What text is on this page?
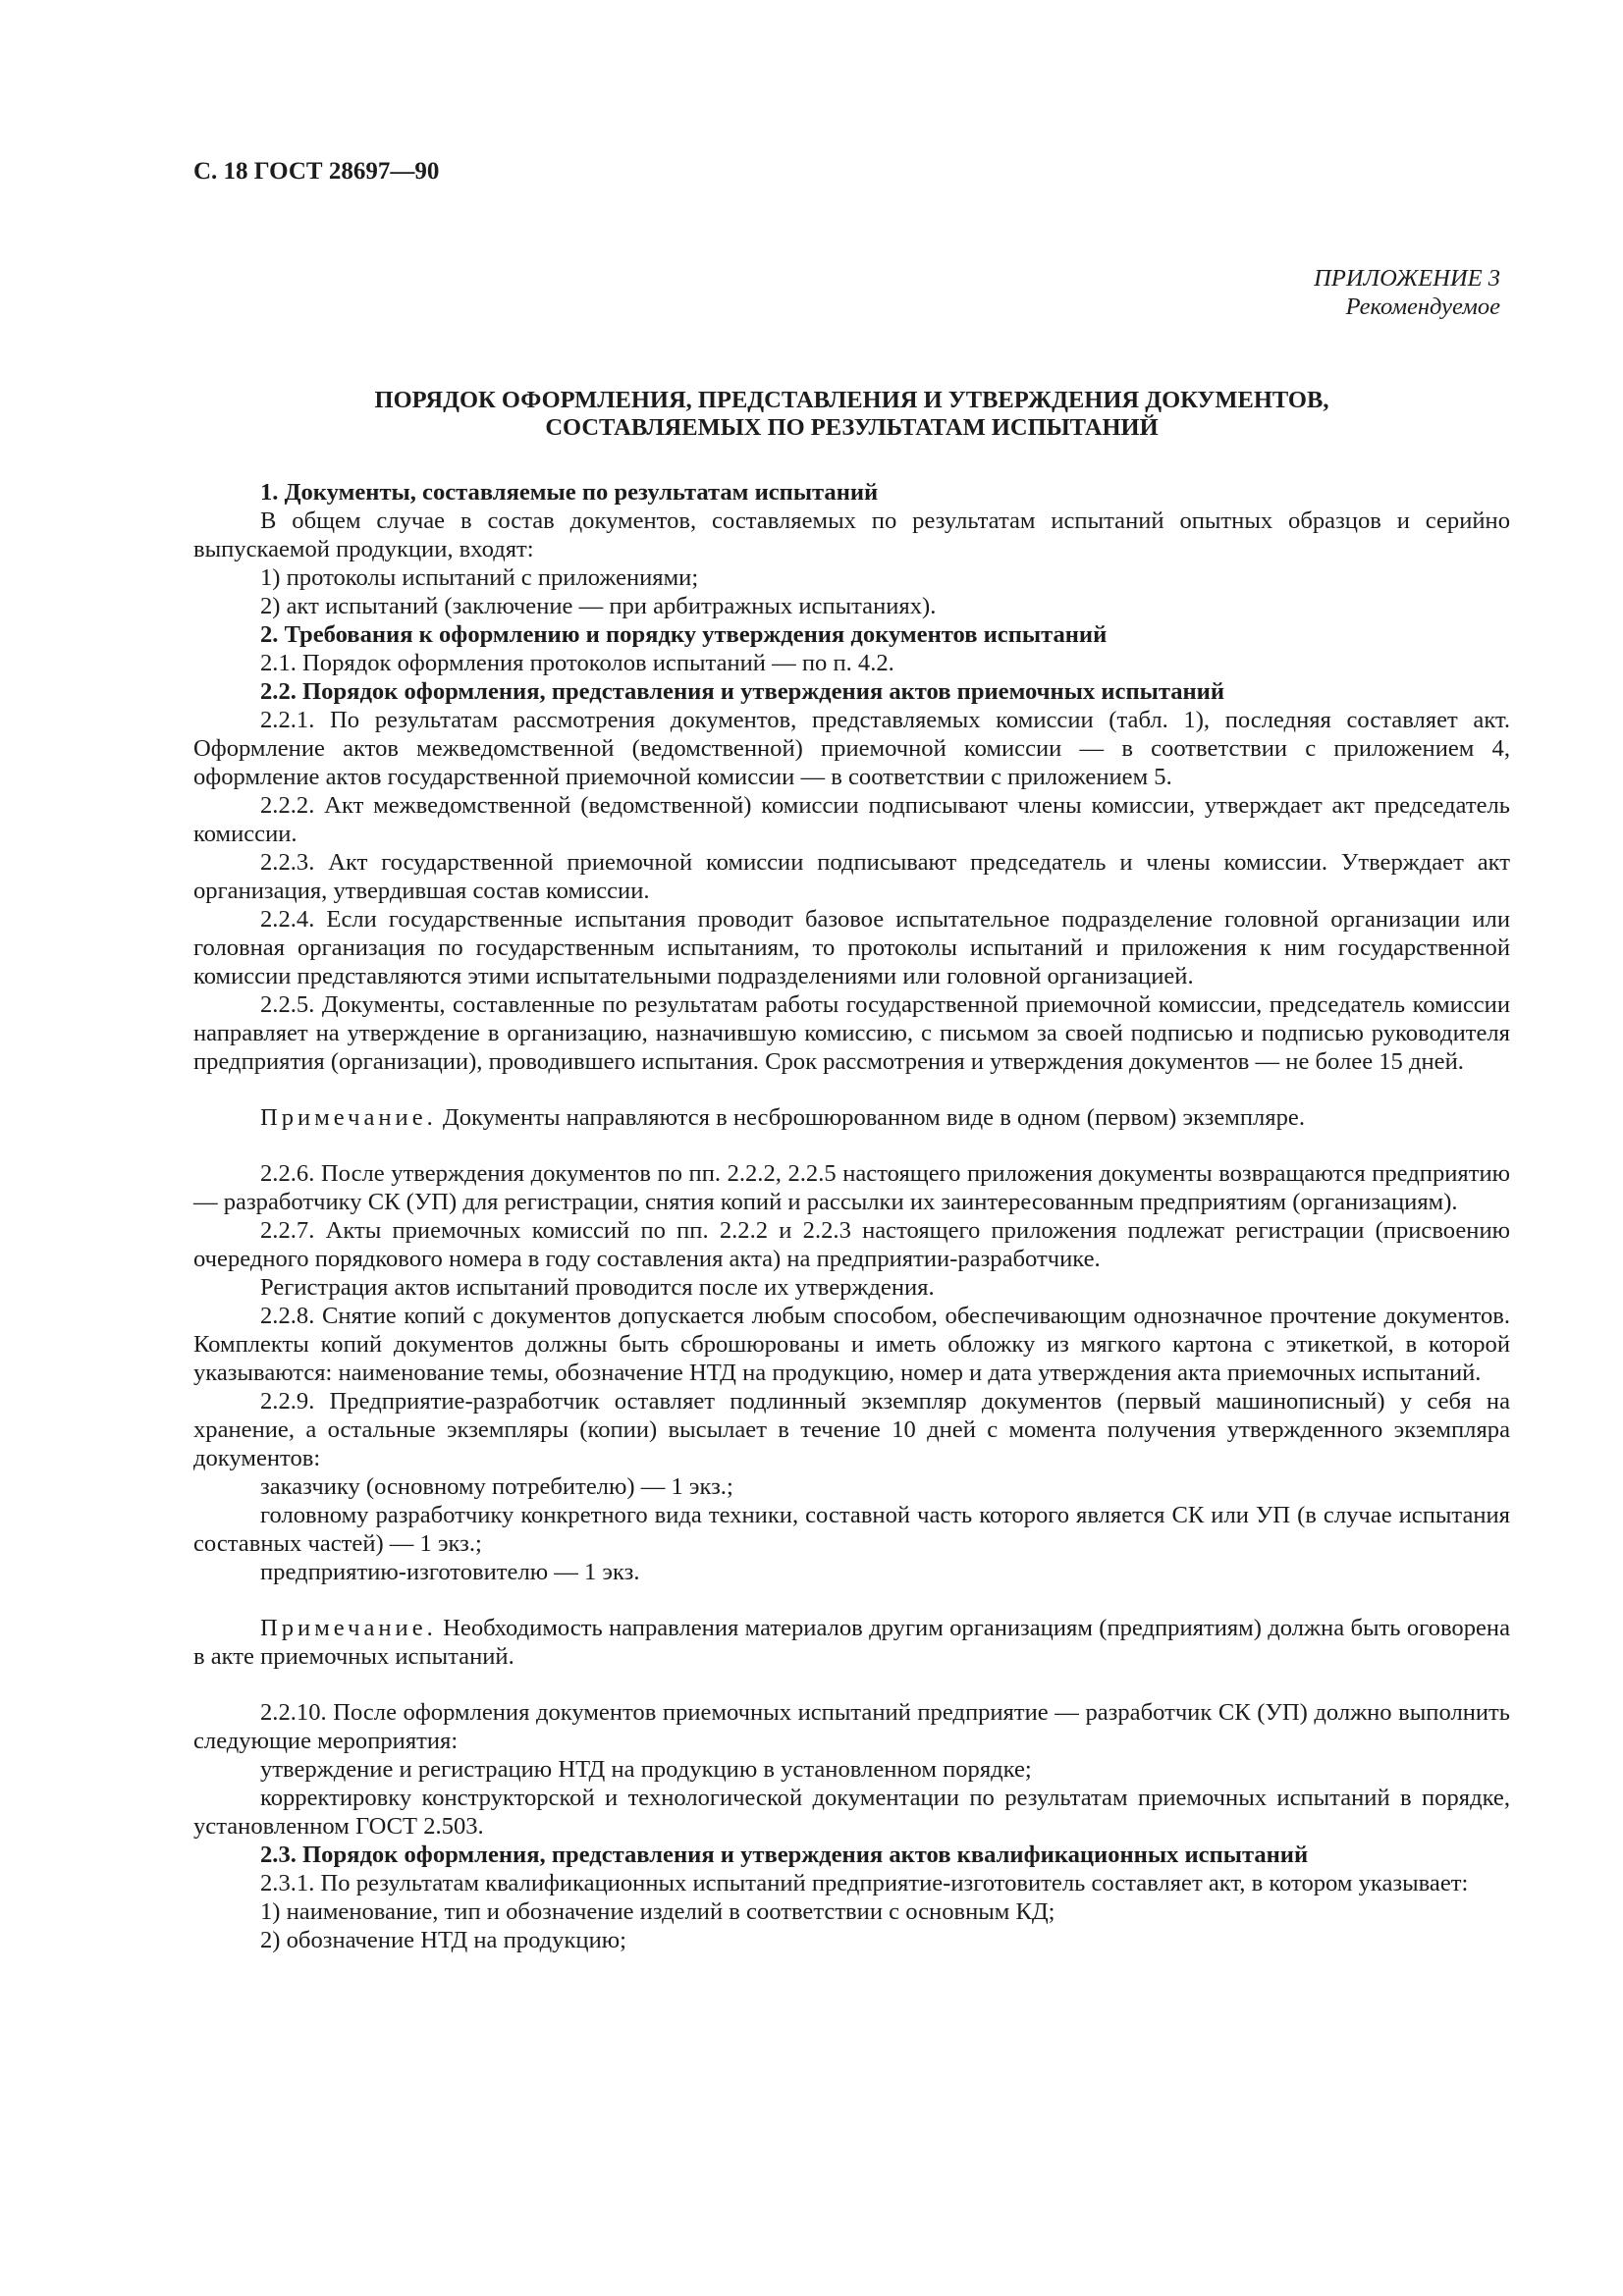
С. 18 ГОСТ 28697—90
ПРИЛОЖЕНИЕ 3
Рекомендуемое
ПОРЯДОК ОФОРМЛЕНИЯ, ПРЕДСТАВЛЕНИЯ И УТВЕРЖДЕНИЯ ДОКУМЕНТОВ,
СОСТАВЛЯЕМЫХ ПО РЕЗУЛЬТАТАМ ИСПЫТАНИЙ

1. Документы, составляемые по результатам испытаний

В общем случае в состав документов, составляемых по результатам испытаний опытных образцов и серийно выпускаемой продукции, входят:

1) протоколы испытаний с приложениями;

2) акт испытаний (заключение — при арбитражных испытаниях).

2. Требования к оформлению и порядку утверждения документов испытаний

2.1. Порядок оформления протоколов испытаний — по п. 4.2.

2.2. Порядок оформления, представления и утверждения актов приемочных испытаний

2.2.1. По результатам рассмотрения документов, представляемых комиссии (табл. 1), последняя составляет акт. Оформление актов межведомственной (ведомственной) приемочной комиссии — в соответствии с приложением 4, оформление актов государственной приемочной комиссии — в соответствии с приложением 5.

2.2.2. Акт межведомственной (ведомственной) комиссии подписывают члены комиссии, утверждает акт председатель комиссии.

2.2.3. Акт государственной приемочной комиссии подписывают председатель и члены комиссии. Утверждает акт организация, утвердившая состав комиссии.

2.2.4. Если государственные испытания проводит базовое испытательное подразделение головной организации или головная организация по государственным испытаниям, то протоколы испытаний и приложения к ним государственной комиссии представляются этими испытательными подразделениями или головной организацией.

2.2.5. Документы, составленные по результатам работы государственной приемочной комиссии, председатель комиссии направляет на утверждение в организацию, назначившую комиссию, с письмом за своей подписью и подписью руководителя предприятия (организации), проводившего испытания. Срок рассмотрения и утверждения документов — не более 15 дней.

Примечание. Документы направляются в несброшюрованном виде в одном (первом) экземпляре.

2.2.6. После утверждения документов по пп. 2.2.2, 2.2.5 настоящего приложения документы возвращаются предприятию — разработчику СК (УП) для регистрации, снятия копий и рассылки их заинтересованным предприятиям (организациям).

2.2.7. Акты приемочных комиссий по пп. 2.2.2 и 2.2.3 настоящего приложения подлежат регистрации (присвоению очередного порядкового номера в году составления акта) на предприятии-разработчике.

Регистрация актов испытаний проводится после их утверждения.

2.2.8. Снятие копий с документов допускается любым способом, обеспечивающим однозначное прочтение документов. Комплекты копий документов должны быть сброшюрованы и иметь обложку из мягкого картона с этикеткой, в которой указываются: наименование темы, обозначение НТД на продукцию, номер и дата утверждения акта приемочных испытаний.

2.2.9. Предприятие-разработчик оставляет подлинный экземпляр документов (первый машинописный) у себя на хранение, а остальные экземпляры (копии) высылает в течение 10 дней с момента получения утвержденного экземпляра документов:

заказчику (основному потребителю) — 1 экз.;

головному разработчику конкретного вида техники, составной часть которого является СК или УП (в случае испытания составных частей) — 1 экз.;

предприятию-изготовителю — 1 экз.

Примечание. Необходимость направления материалов другим организациям (предприятиям) должна быть оговорена в акте приемочных испытаний.

2.2.10. После оформления документов приемочных испытаний предприятие — разработчик СК (УП) должно выполнить следующие мероприятия:

утверждение и регистрацию НТД на продукцию в установленном порядке;

корректировку конструкторской и технологической документации по результатам приемочных испытаний в порядке, установленном ГОСТ 2.503.

2.3. Порядок оформления, представления и утверждения актов квалификационных испытаний

2.3.1. По результатам квалификационных испытаний предприятие-изготовитель составляет акт, в котором указывает:

1) наименование, тип и обозначение изделий в соответствии с основным КД;

2) обозначение НТД на продукцию;
